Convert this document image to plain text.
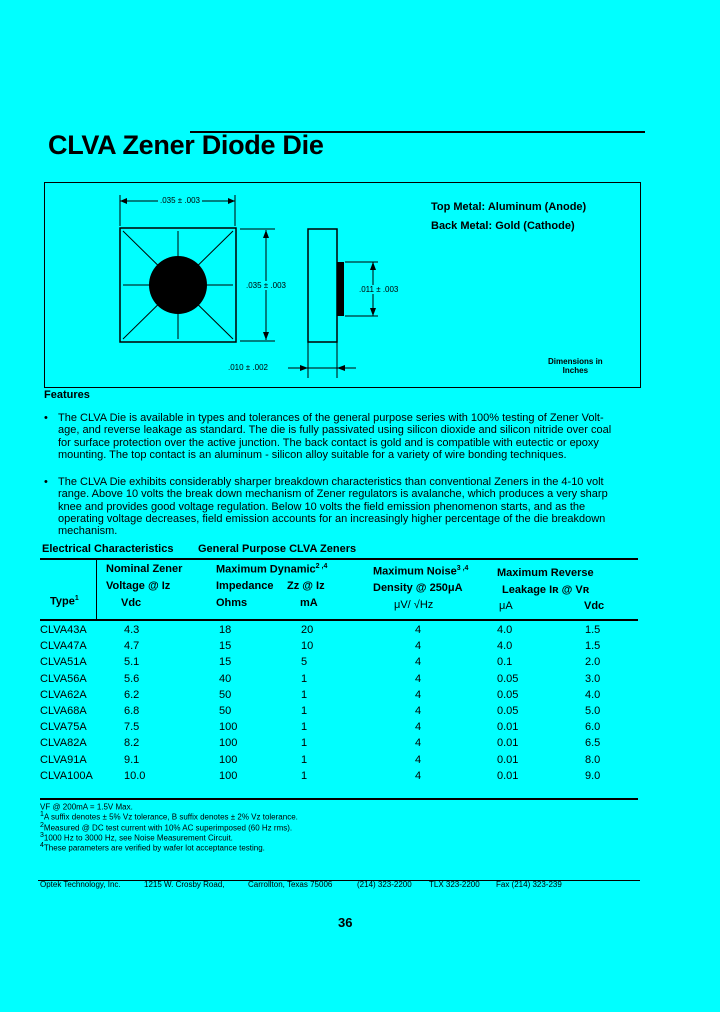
CLVA Zener Diode Die
.035 ± .003
.035 ± .003	.011 ± .003
.010 ± .002
Top Metal: Aluminum (Anode)
Back Metal: Gold (Cathode)
Dimensions in
Inches
Features
• The CLVA Die is available in types and tolerances of the general purpose series with 100% testing of Zener Volt-
age, and reverse leakage as standard. The die is fully passivated using silicon dioxide and silicon nitride over coal
for surface protection over the active junction. The back contact is gold and is compatible with eutectic or epoxy
mounting. The top contact is an aluminum - silicon alloy suitable for a variety of wire bonding techniques.
• The CLVA Die exhibits considerably sharper breakdown characteristics than conventional Zeners in the 4-10 volt
range. Above 10 volts the break down mechanism of Zener regulators is avalanche, which produces a very sharp
knee and provides good voltage regulation. Below 10 volts the field emission phenomenon starts, and as the
operating voltage decreases, field emission accounts for an increasingly higher percentage of the die breakdown
mechanism.
Electrical Characteristics General Purpose CLVA Zeners
Nominal Zener
Voltage @ Iz
Vdc
Maximum Dynamic$^{2 ,4}$
Impedance
Ohms
Zz @ Iz
mA
Maximum Noise$^{3 ,4}$
Density @ 250μA
μV/ √Hz
Maximum Reverse
Leakage Iʀ @ Vʀ
μA	Vdc
Type$^1$
CLVA43A	4.3	18	20	4	4.0	1.5
CLVA47A	4.7	15	10	4	4.0	1.5
CLVA51A	5.1	15	5	4	0.1	2.0
CLVA56A	5.6	40	1	4	0.05	3.0
CLVA62A	6.2	50	1	4	0.05	4.0
CLVA68A	6.8	50	1	4	0.05	5.0
CLVA75A	7.5	100	1	4	0.01	6.0
CLVA82A	8.2	100	1	4	0.01	6.5
CLVA91A	9.1	100	1	4	0.01	8.0
CLVA100A	10.0	100	1	4	0.01	9.0
VF @ 200mA = 1.5V Max.
$^1$A suffix denotes ± 5% Vz tolerance, B suffix denotes ± 2% Vz tolerance.
$^2$Measured @ DC test current with 10% AC superimposed (60 Hz rms).
$^3$1000 Hz to 3000 Hz, see Noise Measurement Circuit.
$^4$These parameters are verified by wafer lot acceptance testing.
Optek Technology, Inc.	1215 W. Crosby Road,	Carrollton, Texas 75006	(214) 323-2200 TLX 323-2200 Fax (214) 323-239
36
